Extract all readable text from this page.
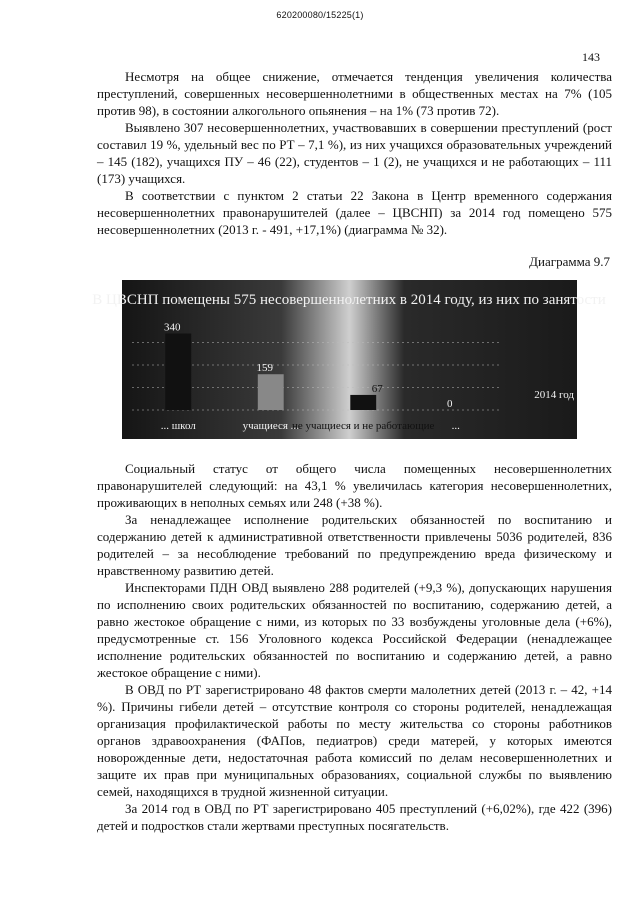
620200080/15225(1)
143

Несмотря на общее снижение, отмечается тенденция увеличения количества преступлений, совершенных несовершеннолетними в общественных местах на 7% (105 против 98), в состоянии алкогольного опьянения – на 1% (73 против 72).

Выявлено 307 несовершеннолетних, участвовавших в совершении преступлений (рост составил 19 %, удельный вес по РТ – 7,1 %), из них учащихся образовательных учреждений – 145 (182), учащихся ПУ – 46 (22), студентов – 1 (2), не учащихся и не работающих – 111 (173) учащихся.

В соответствии с пунктом 2 статьи 22 Закона в Центр временного содержания несовершеннолетних правонарушителей (далее – ЦВСНП) за 2014 год помещено 575 несовершеннолетних (2013 г. - 491, +17,1%) (диаграмма № 32).

Диаграмма 9.7
В ЦВСНП помещены 575 несовершеннолетних в 2014 году, из них по занятости
340
... школ
159
учащиеся ...
67
не учащиеся и не работающие
0
...
2014 год

Социальный статус от общего числа помещенных несовершеннолетних правонарушителей следующий: на 43,1 % увеличилась категория несовершеннолетних, проживающих в неполных семьях или 248 (+38 %).

За ненадлежащее исполнение родительских обязанностей по воспитанию и содержанию детей к административной ответственности привлечены 5036 родителей, 836 родителей – за несоблюдение требований по предупреждению вреда физическому и нравственному развитию детей.

Инспекторами ПДН ОВД выявлено 288 родителей (+9,3 %), допускающих нарушения по исполнению своих родительских обязанностей по воспитанию, содержанию детей, а равно жестокое обращение с ними, из которых по 33 возбуждены уголовные дела (+6%), предусмотренные ст. 156 Уголовного кодекса Российской Федерации (ненадлежащее исполнение родительских обязанностей по воспитанию и содержанию детей, а равно жестокое обращение с ними).

В ОВД по РТ зарегистрировано 48 фактов смерти малолетних детей (2013 г. – 42, +14 %). Причины гибели детей – отсутствие контроля со стороны родителей, ненадлежащая организация профилактической работы по месту жительства со стороны работников органов здравоохранения (ФАПов, педиатров) среди матерей, у которых имеются новорожденные дети, недостаточная работа комиссий по делам несовершеннолетних и защите их прав при муниципальных образованиях, социальной службы по выявлению семей, находящихся в трудной жизненной ситуации.

За 2014 год в ОВД по РТ зарегистрировано 405 преступлений (+6,02%), где 422 (396) детей и подростков стали жертвами преступных посягательств.
